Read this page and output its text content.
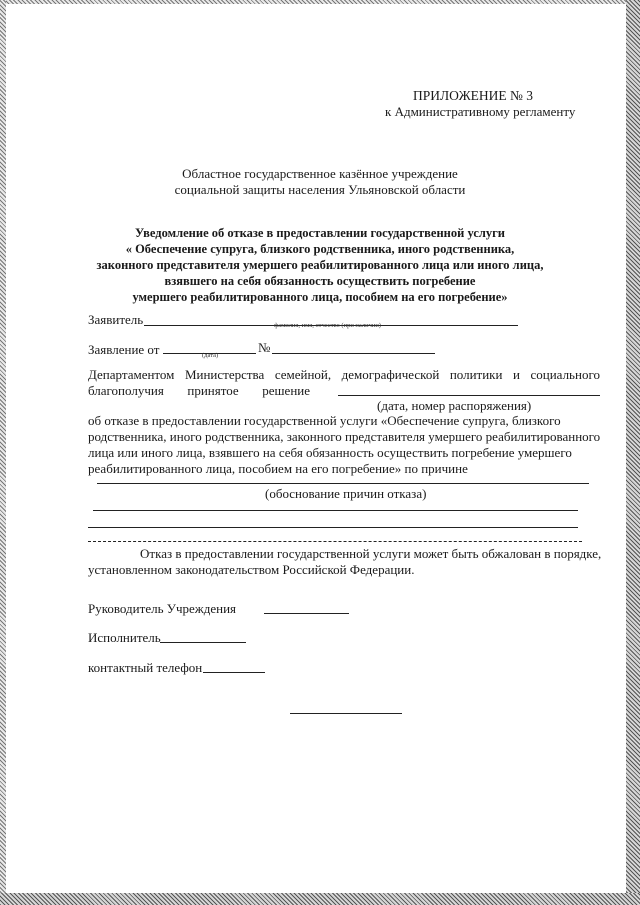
ПРИЛОЖЕНИЕ № 3
к Административному регламенту
Областное государственное казённое учреждение
социальной защиты населения Ульяновской области
Уведомление об отказе в предоставлении государственной услуги
« Обеспечение супруга, близкого родственника, иного родственника,
законного представителя умершего реабилитированного лица или иного лица,
взявшего на себя обязанность осуществить погребение
умершего реабилитированного лица, пособием на его погребение»
Заявитель	фамилия, имя, отчество (при наличии)
Заявление от	(дата)
№
Департаментом Министерства семейной, демографической политики и социального
благополучия принятое решение
(дата, номер распоряжения)
об отказе в предоставлении государственной услуги «Обеспечение супруга, близкого
родственника, иного родственника, законного представителя умершего реабилитированного
лица или иного лица, взявшего на себя обязанность осуществить погребение умершего
реабилитированного лица, пособием на его погребение» по причине
(обоснование причин отказа)
Отказ в предоставлении государственной услуги может быть обжалован в порядке,
установленном законодательством Российской Федерации.
Руководитель Учреждения
Исполнитель
контактный телефон
